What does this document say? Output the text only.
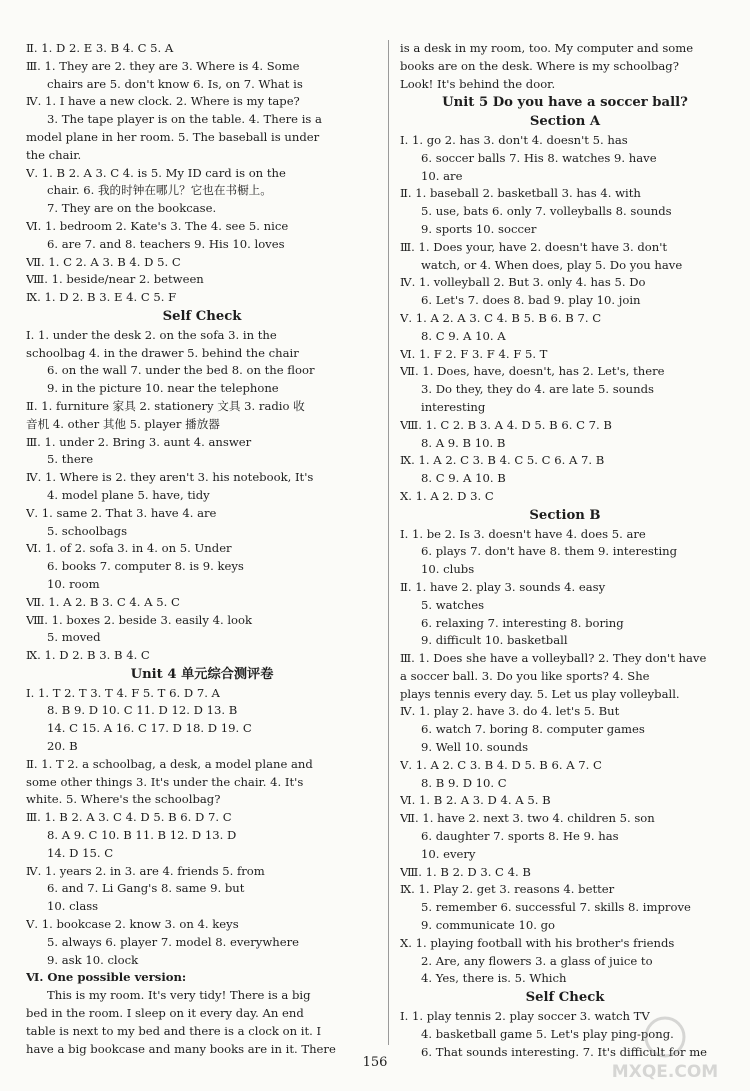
Ⅱ. 1. D 2. E 3. B 4. C 5. A
Ⅲ. 1. They are 2. they are 3. Where is 4. Some
chairs are 5. don't know 6. Is, on 7. What is
Ⅳ. 1. I have a new clock. 2. Where is my tape?
3. The tape player is on the table. 4. There is a
model plane in her room. 5. The baseball is under
the chair.
Ⅴ. 1. B 2. A 3. C 4. is 5. My ID card is on the
chair. 6. 我的时钟在哪儿？它也在书橱上。
7. They are on the bookcase.
Ⅵ. 1. bedroom 2. Kate's 3. The 4. see 5. nice
6. are 7. and 8. teachers 9. His 10. loves
Ⅶ. 1. C 2. A 3. B 4. D 5. C
Ⅷ. 1. beside/near 2. between
Ⅸ. 1. D 2. B 3. E 4. C 5. F
Self Check
Ⅰ. 1. under the desk 2. on the sofa 3. in the
schoolbag 4. in the drawer 5. behind the chair
6. on the wall 7. under the bed 8. on the floor
9. in the picture 10. near the telephone
Ⅱ. 1. furniture 家具 2. stationery 文具 3. radio 收
音机 4. other 其他 5. player 播放器
Ⅲ. 1. under 2. Bring 3. aunt 4. answer
5. there
Ⅳ. 1. Where is 2. they aren't 3. his notebook, It's
4. model plane 5. have, tidy
Ⅴ. 1. same 2. That 3. have 4. are
5. schoolbags
Ⅵ. 1. of 2. sofa 3. in 4. on 5. Under
6. books 7. computer 8. is 9. keys
10. room
Ⅶ. 1. A 2. B 3. C 4. A 5. C
Ⅷ. 1. boxes 2. beside 3. easily 4. look
5. moved
Ⅸ. 1. D 2. B 3. B 4. C
Unit 4 单元综合测评卷
Ⅰ. 1. T 2. T 3. T 4. F 5. T 6. D 7. A
8. B 9. D 10. C 11. D 12. D 13. B
14. C 15. A 16. C 17. D 18. D 19. C
20. B
Ⅱ. 1. T 2. a schoolbag, a desk, a model plane and
some other things 3. It's under the chair. 4. It's
white. 5. Where's the schoolbag?
Ⅲ. 1. B 2. A 3. C 4. D 5. B 6. D 7. C
8. A 9. C 10. B 11. B 12. D 13. D
14. D 15. C
Ⅳ. 1. years 2. in 3. are 4. friends 5. from
6. and 7. Li Gang's 8. same 9. but
10. class
Ⅴ. 1. bookcase 2. know 3. on 4. keys
5. always 6. player 7. model 8. everywhere
9. ask 10. clock
Ⅵ. One possible version:
This is my room. It's very tidy! There is a big
bed in the room. I sleep on it every day. An end
table is next to my bed and there is a clock on it. I
have a big bookcase and many books are in it. There
is a desk in my room, too. My computer and some
books are on the desk. Where is my schoolbag?
Look! It's behind the door.
Unit 5 Do you have a soccer ball?
Section A
Ⅰ. 1. go 2. has 3. don't 4. doesn't 5. has
6. soccer balls 7. His 8. watches 9. have
10. are
Ⅱ. 1. baseball 2. basketball 3. has 4. with
5. use, bats 6. only 7. volleyballs 8. sounds
9. sports 10. soccer
Ⅲ. 1. Does your, have 2. doesn't have 3. don't
watch, or 4. When does, play 5. Do you have
Ⅳ. 1. volleyball 2. But 3. only 4. has 5. Do
6. Let's 7. does 8. bad 9. play 10. join
Ⅴ. 1. A 2. A 3. C 4. B 5. B 6. B 7. C
8. C 9. A 10. A
Ⅵ. 1. F 2. F 3. F 4. F 5. T
Ⅶ. 1. Does, have, doesn't, has 2. Let's, there
3. Do they, they do 4. are late 5. sounds
interesting
Ⅷ. 1. C 2. B 3. A 4. D 5. B 6. C 7. B
8. A 9. B 10. B
Ⅸ. 1. A 2. C 3. B 4. C 5. C 6. A 7. B
8. C 9. A 10. B
Ⅹ. 1. A 2. D 3. C
Section B
Ⅰ. 1. be 2. Is 3. doesn't have 4. does 5. are
6. plays 7. don't have 8. them 9. interesting
10. clubs
Ⅱ. 1. have 2. play 3. sounds 4. easy
5. watches
6. relaxing 7. interesting 8. boring
9. difficult 10. basketball
Ⅲ. 1. Does she have a volleyball? 2. They don't have
a soccer ball. 3. Do you like sports? 4. She
plays tennis every day. 5. Let us play volleyball.
Ⅳ. 1. play 2. have 3. do 4. let's 5. But
6. watch 7. boring 8. computer games
9. Well 10. sounds
Ⅴ. 1. A 2. C 3. B 4. D 5. B 6. A 7. C
8. B 9. D 10. C
Ⅵ. 1. B 2. A 3. D 4. A 5. B
Ⅶ. 1. have 2. next 3. two 4. children 5. son
6. daughter 7. sports 8. He 9. has
10. every
Ⅷ. 1. B 2. D 3. C 4. B
Ⅸ. 1. Play 2. get 3. reasons 4. better
5. remember 6. successful 7. skills 8. improve
9. communicate 10. go
Ⅹ. 1. playing football with his brother's friends
2. Are, any flowers 3. a glass of juice to
4. Yes, there is. 5. Which
Self Check
Ⅰ. 1. play tennis 2. play soccer 3. watch TV
4. basketball game 5. Let's play ping-pong.
6. That sounds interesting. 7. It's difficult for me
156	MXQE.COM
